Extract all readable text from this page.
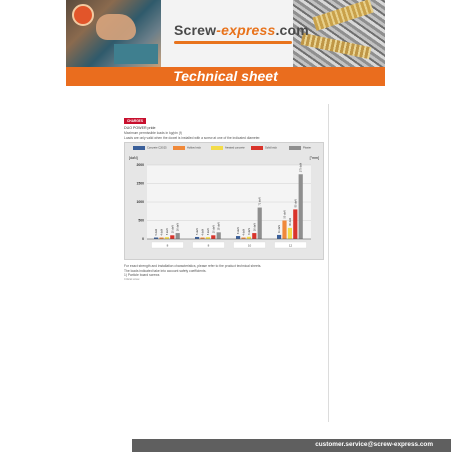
Screw-express.com
Technical sheet
CHARGES
DUO POWER pride
Maximum permissible loads in kg/pin (f)
Loads are only valid when the dowel is installed with a screw at one of the indicated diameter.
Concrete C20/25	Hollow brick	Aerated concrete	Solid brick	Plaster
[daN]	[°mm]
0
500
1000
1500
2000
5 daN 4 daN 5 daN 10 daN 16 daN
8
5 daN 4 daN 5 daN 10 daN 18 daN
8
8 daN 4 daN 6 daN
16 daN
71 daN
10
11 daN
50 daN
30 daN
80 daN
175 daN
12
For exact strength and installation characteristics, please refer to the product technical sheets.
The loads indicated take into account safety coefficients.
1) Particle board screws
Critical screw
customer.service@screw-express.com
